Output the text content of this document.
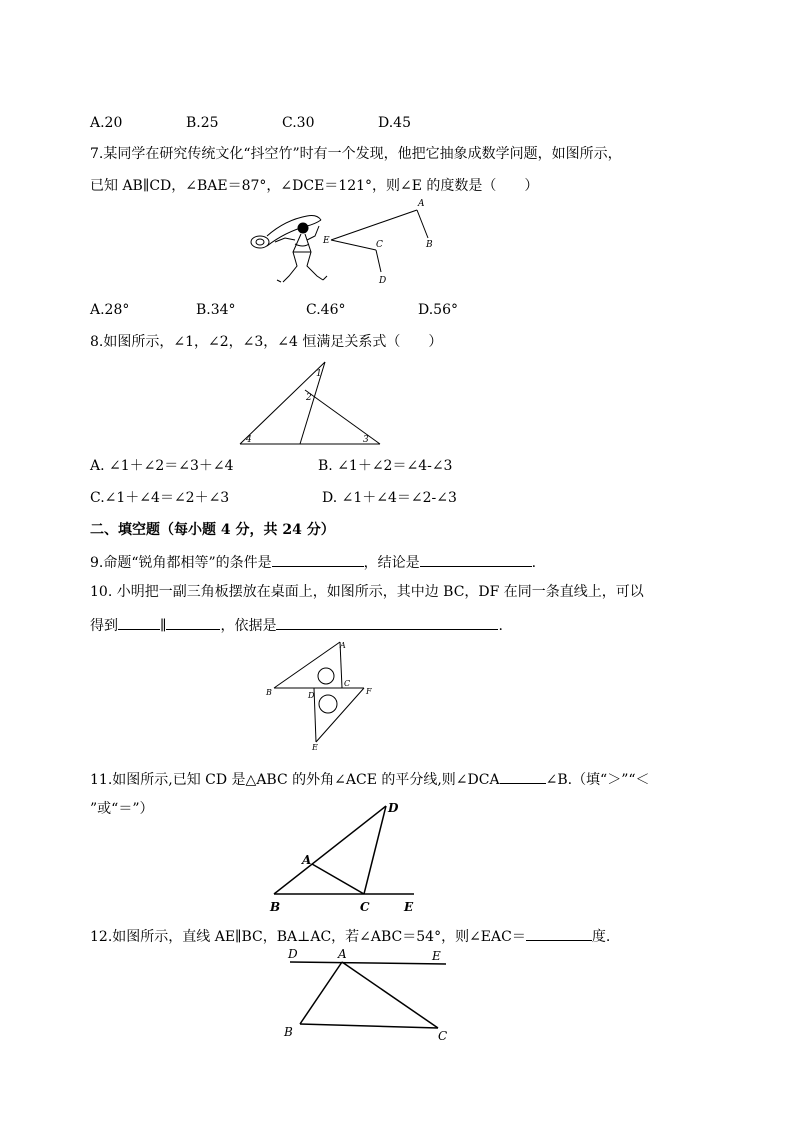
A.20	B.25	C.30	D.45
7.某同学在研究传统文化“抖空竹”时有一个发现，他把它抽象成数学问题，如图所示，
已知 AB∥CD，∠BAE＝87°，∠DCE＝121°，则∠E 的度数是（　　）
A
B
C
D
E
A.28°	B.34°	C.46°	D.56°
8.如图所示，∠1，∠2，∠3，∠4 恒满足关系式（　　）
1
2
3
4
A. ∠1＋∠2＝∠3＋∠4	B. ∠1＋∠2＝∠4-∠3
C.∠1＋∠4＝∠2＋∠3	D. ∠1＋∠4＝∠2-∠3
二、填空题（每小题 4 分，共 24 分）
9.命题“锐角都相等”的条件是	，结论是	.
10. 小明把一副三角板摆放在桌面上，如图所示，其中边 BC，DF 在同一条直线上，可以
得到	∥	，依据是	.
A
B
C
D
E
F
11.如图所示,已知 CD 是△ABC 的外角∠ACE 的平分线,则∠DCA	∠B.（填“＞”“＜
”或“＝”）
A
B	C
D
E
12.如图所示，直线 AE∥BC，BA⊥AC，若∠ABC＝54°，则∠EAC＝	度.
D	A	E
B	C
